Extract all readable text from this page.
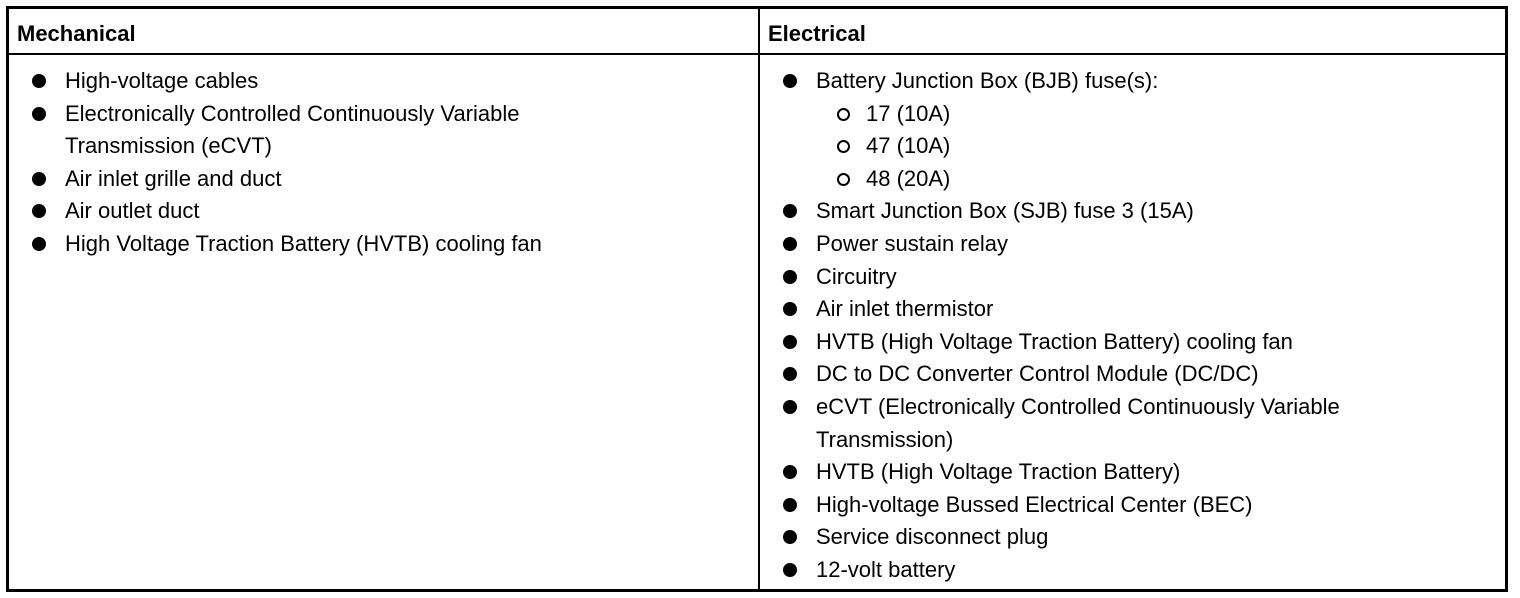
Mechanical	Electrical
High-voltage cables
Electronically Controlled Continuously Variable Transmission (eCVT)
Air inlet grille and duct
Air outlet duct
High Voltage Traction Battery (HVTB) cooling fan
Battery Junction Box (BJB) fuse(s):
17 (10A)
47 (10A)
48 (20A)
Smart Junction Box (SJB) fuse 3 (15A)
Power sustain relay
Circuitry
Air inlet thermistor
HVTB (High Voltage Traction Battery) cooling fan
DC to DC Converter Control Module (DC/DC)
eCVT (Electronically Controlled Continuously Variable Transmission)
HVTB (High Voltage Traction Battery)
High-voltage Bussed Electrical Center (BEC)
Service disconnect plug
12-volt battery
